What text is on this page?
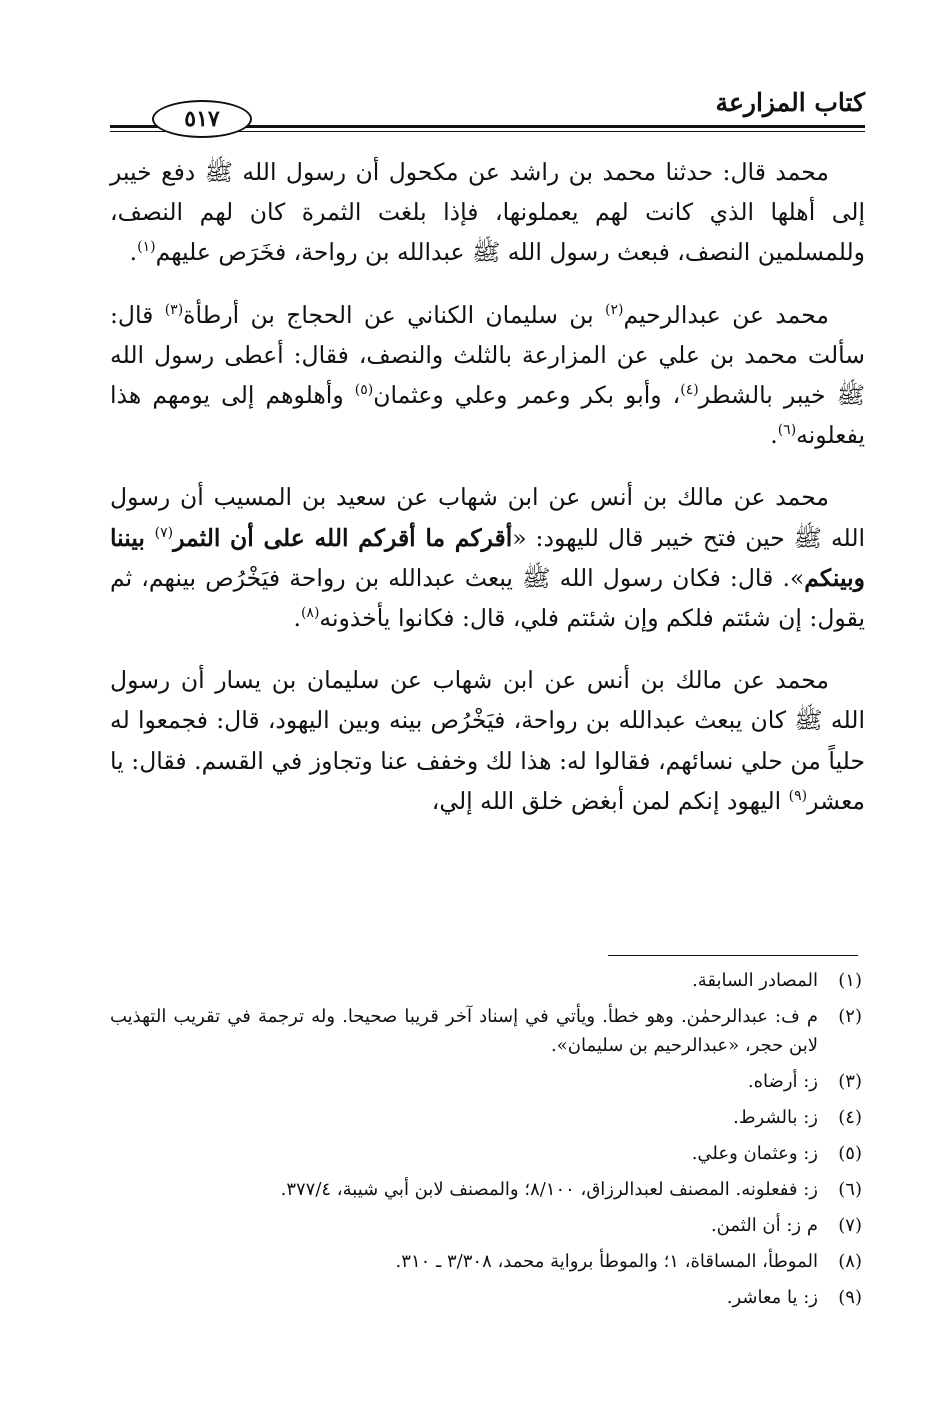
٥١٧
كتاب المزارعة

محمد قال: حدثنا محمد بن راشد عن مكحول أن رسول الله ﷺ دفع خيبر إلى أهلها الذي كانت لهم يعملونها، فإذا بلغت الثمرة كان لهم النصف، وللمسلمين النصف، فبعث رسول الله ﷺ عبدالله بن رواحة، فخَرَص عليهم$^{(١)}$.

محمد عن عبدالرحيم$^{(٢)}$ بن سليمان الكناني عن الحجاج بن أرطأة$^{(٣)}$ قال: سألت محمد بن علي عن المزارعة بالثلث والنصف، فقال: أعطى رسول الله ﷺ خيبر بالشطر$^{(٤)}$، وأبو بكر وعمر وعلي وعثمان$^{(٥)}$ وأهلوهم إلى يومهم هذا يفعلونه$^{(٦)}$.

محمد عن مالك بن أنس عن ابن شهاب عن سعيد بن المسيب أن رسول الله ﷺ حين فتح خيبر قال لليهود: «أقركم ما أقركم الله على أن الثمر$^{(٧)}$ بيننا وبينكم». قال: فكان رسول الله ﷺ يبعث عبدالله بن رواحة فيَخْرُص بينهم، ثم يقول: إن شئتم فلكم وإن شئتم فلي، قال: فكانوا يأخذونه$^{(٨)}$.

محمد عن مالك بن أنس عن ابن شهاب عن سليمان بن يسار أن رسول الله ﷺ كان يبعث عبدالله بن رواحة، فيَخْرُص بينه وبين اليهود، قال: فجمعوا له حلياً من حلي نسائهم، فقالوا له: هذا لك وخفف عنا وتجاوز في القسم. فقال: يا معشر$^{(٩)}$ اليهود إنكم لمن أبغض خلق الله إلي،

(١)
المصادر السابقة.
(٢)
م ف: عبدالرحمٰن. وهو خطأ. ويأتي في إسناد آخر قريبا صحيحا. وله ترجمة في تقريب التهذيب لابن حجر، «عبدالرحيم بن سليمان».
(٣)
ز: أرضاه.
(٤)
ز: بالشرط.
(٥)
ز: وعثمان وعلي.
(٦)
ز: ففعلونه. المصنف لعبدالرزاق، ٨/١٠٠؛ والمصنف لابن أبي شيبة، ٣٧٧/٤.
(٧)
م ز: أن الثمن.
(٨)
الموطأ، المساقاة، ١؛ والموطأ برواية محمد، ٣/٣٠٨ ـ ٣١٠.
(٩)
ز: يا معاشر.
